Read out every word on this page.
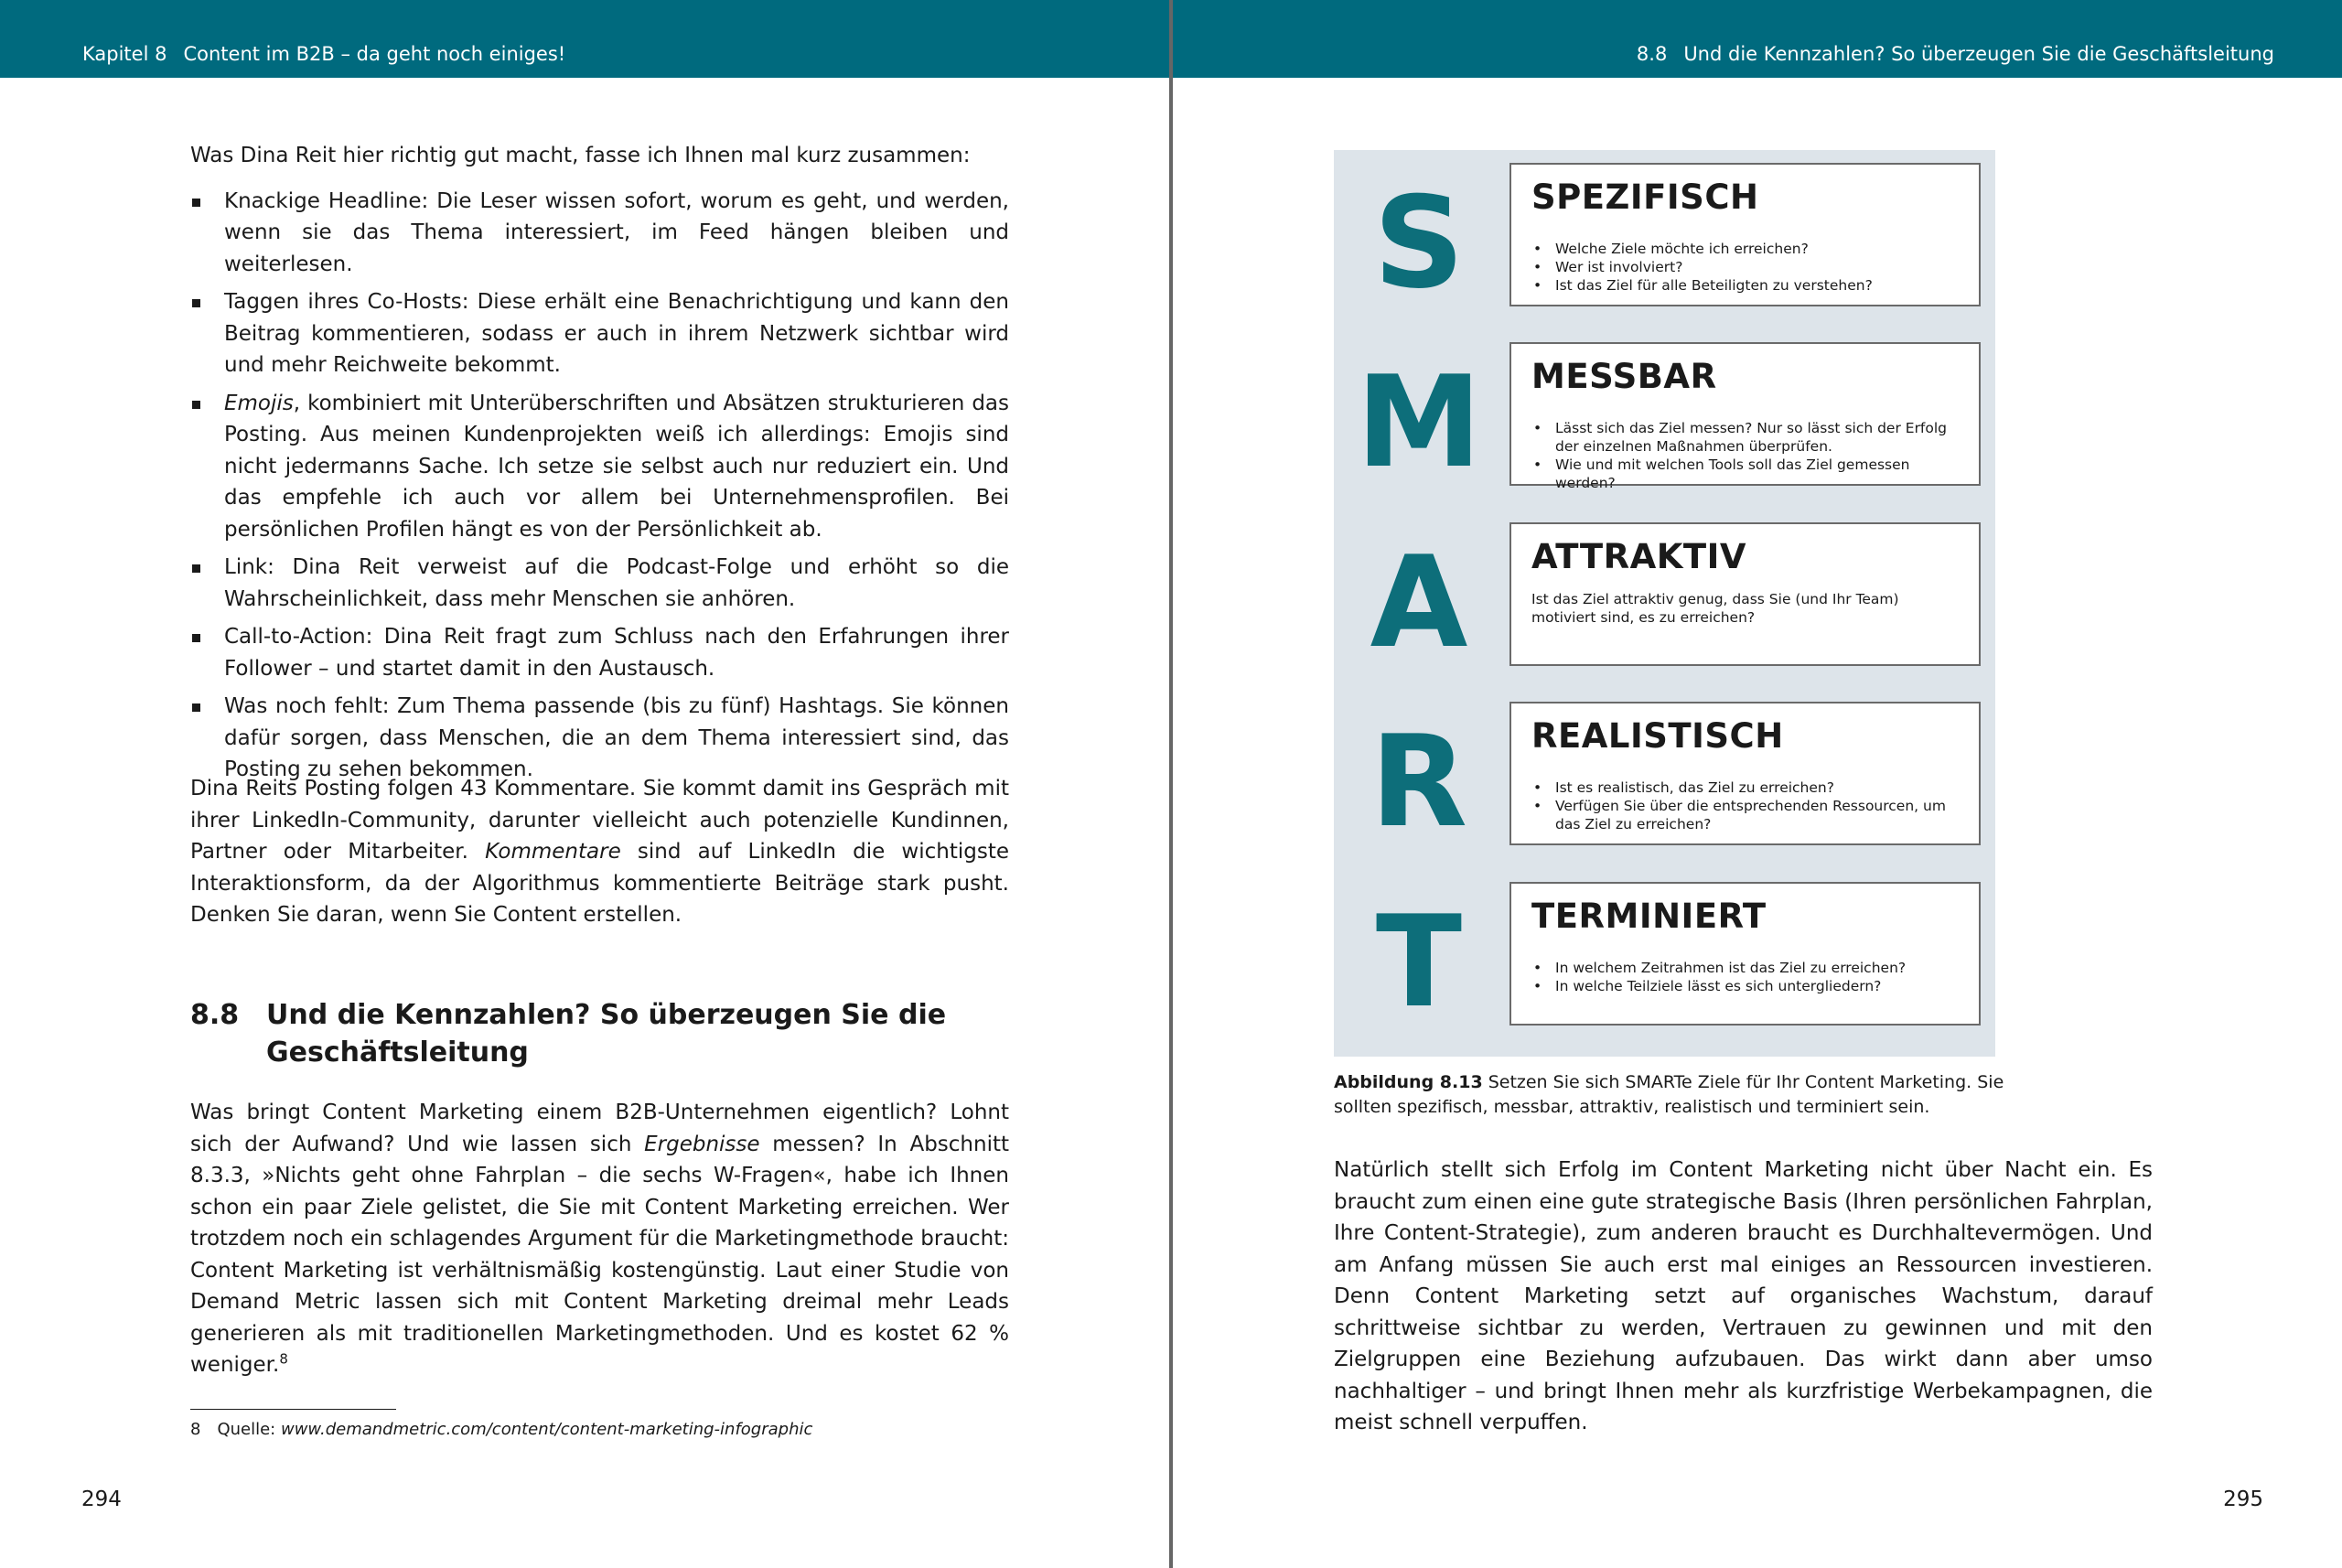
Kapitel 8 Content im B2B – da geht noch einiges!

Was Dina Reit hier richtig gut macht, fasse ich Ihnen mal kurz zusammen:

Knackige Headline: Die Leser wissen sofort, worum es geht, und werden, wenn sie das Thema interessiert, im Feed hängen bleiben und weiterlesen.
Taggen ihres Co-Hosts: Diese erhält eine Benachrichtigung und kann den Beitrag kommentieren, sodass er auch in ihrem Netzwerk sichtbar wird und mehr Reichweite bekommt.
Emojis, kombiniert mit Unterüberschriften und Absätzen strukturieren das Posting. Aus meinen Kundenprojekten weiß ich allerdings: Emojis sind nicht jedermanns Sache. Ich setze sie selbst auch nur reduziert ein. Und das empfehle ich auch vor allem bei Unternehmensprofilen. Bei persönlichen Profilen hängt es von der Persönlichkeit ab.
Link: Dina Reit verweist auf die Podcast-Folge und erhöht so die Wahrscheinlichkeit, dass mehr Menschen sie anhören.
Call-to-Action: Dina Reit fragt zum Schluss nach den Erfahrungen ihrer Follower – und startet damit in den Austausch.
Was noch fehlt: Zum Thema passende (bis zu fünf) Hashtags. Sie können dafür sorgen, dass Menschen, die an dem Thema interessiert sind, das Posting zu sehen bekommen.

Dina Reits Posting folgen 43 Kommentare. Sie kommt damit ins Gespräch mit ihrer LinkedIn-Community, darunter vielleicht auch potenzielle Kundinnen, Partner oder Mitarbeiter. Kommentare sind auf LinkedIn die wichtigste Interaktionsform, da der Algorithmus kommentierte Beiträge stark pusht. Denken Sie daran, wenn Sie Content erstellen.

8.8 Und die Kennzahlen? So überzeugen Sie die Geschäftsleitung

Was bringt Content Marketing einem B2B-Unternehmen eigentlich? Lohnt sich der Aufwand? Und wie lassen sich Ergebnisse messen? In Abschnitt 8.3.3, »Nichts geht ohne Fahrplan – die sechs W-Fragen«, habe ich Ihnen schon ein paar Ziele gelistet, die Sie mit Content Marketing erreichen. Wer trotzdem noch ein schlagendes Argument für die Marketingmethode braucht: Content Marketing ist verhältnismäßig kostengünstig. Laut einer Studie von Demand Metric lassen sich mit Content Marketing dreimal mehr Leads generieren als mit traditionellen Marketingmethoden. Und es kostet 62 % weniger.$^8$

8 Quelle: www.demandmetric.com/content/content-marketing-infographic
294
8.8 Und die Kennzahlen? So überzeugen Sie die Geschäftsleitung
S	SPEZIFISCH
• Welche Ziele möchte ich erreichen?
• Wer ist involviert?
• Ist das Ziel für alle Beteiligten zu verstehen?
M	MESSBAR
• Lässt sich das Ziel messen? Nur so lässt sich der Erfolg der einzelnen Maßnahmen überprüfen.
• Wie und mit welchen Tools soll das Ziel gemessen werden?
A	ATTRAKTIV
Ist das Ziel attraktiv genug, dass Sie (und Ihr Team) motiviert sind, es zu erreichen?
R	REALISTISCH
• Ist es realistisch, das Ziel zu erreichen?
• Verfügen Sie über die entsprechenden Ressourcen, um das Ziel zu erreichen?
T	TERMINIERT
• In welchem Zeitrahmen ist das Ziel zu erreichen?
• In welche Teilziele lässt es sich untergliedern?
Abbildung 8.13 Setzen Sie sich SMARTe Ziele für Ihr Content Marketing. Sie sollten spezifisch, messbar, attraktiv, realistisch und terminiert sein.

Natürlich stellt sich Erfolg im Content Marketing nicht über Nacht ein. Es braucht zum einen eine gute strategische Basis (Ihren persönlichen Fahrplan, Ihre Content-Strategie), zum anderen braucht es Durchhaltevermögen. Und am Anfang müssen Sie auch erst mal einiges an Ressourcen investieren. Denn Content Marketing setzt auf organisches Wachstum, darauf schrittweise sichtbar zu werden, Vertrauen zu gewinnen und mit den Zielgruppen eine Beziehung aufzubauen. Das wirkt dann aber umso nachhaltiger – und bringt Ihnen mehr als kurzfristige Werbekampagnen, die meist schnell verpuffen.

295
